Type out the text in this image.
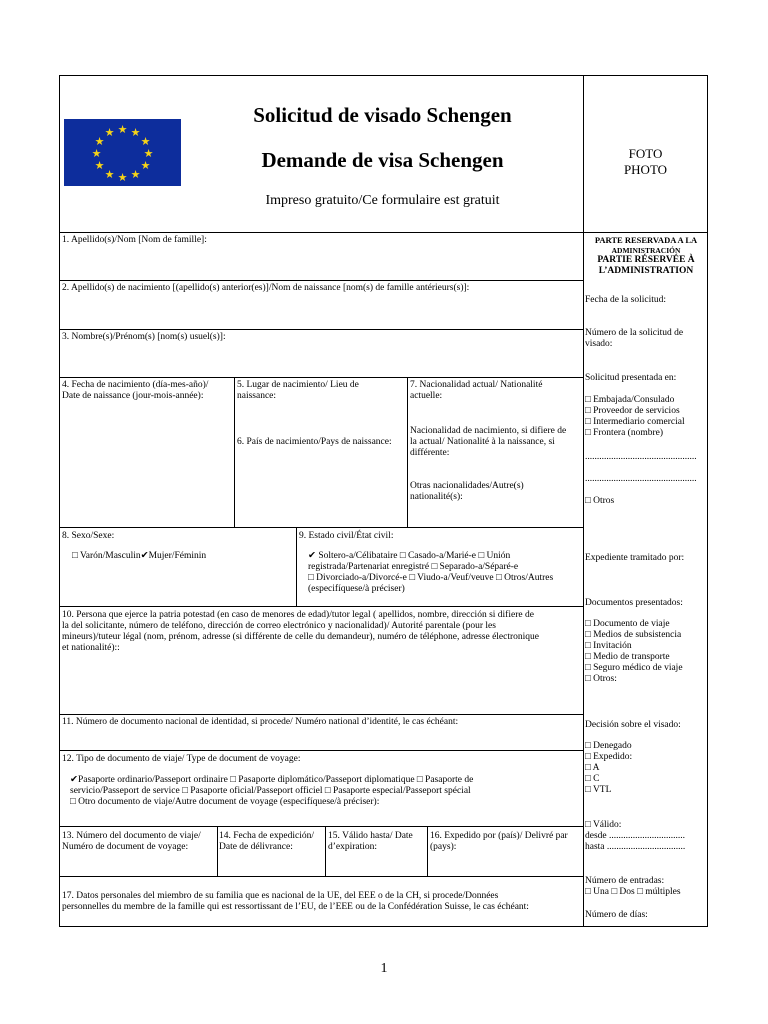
★ ★
★
★
★
★
★
★
★
★
★
★
Solicitud de visado Schengen
Demande de visa Schengen
Impreso gratuito/Ce formulaire est gratuit
FOTO
PHOTO
1. Apellido(s)/Nom [Nom de famille]:
2. Apellido(s) de nacimiento [(apellido(s) anterior(es)]/Nom de naissance [nom(s) de famille antérieurs(s)]:
3. Nombre(s)/Prénom(s) [nom(s) usuel(s)]:
4. Fecha de nacimiento (día-mes-año)/
Date de naissance (jour-mois-année):
5. Lugar de nacimiento/ Lieu de
naissance:
6. País de nacimiento/Pays de naissance:
7. Nacionalidad actual/ Nationalité
actuelle:
Nacionalidad de nacimiento, si difiere de
la actual/ Nationalité à la naissance, si
différente:
Otras nacionalidades/Autre(s)
nationalité(s):
8. Sexo/Sexe:
□ Varón/Masculin✔Mujer/Féminin
9. Estado civil/État civil:
✔ Soltero-a/Célibataire □ Casado-a/Marié-e □ Unión
registrada/Partenariat enregistré □ Separado-a/Séparé-e
□ Divorciado-a/Divorcé-e □ Viudo-a/Veuf/veuve □ Otros/Autres
(especifíquese/à préciser)
10. Persona que ejerce la patria potestad (en caso de menores de edad)/tutor legal ( apellidos, nombre, dirección si difiere de
la del solicitante, número de teléfono, dirección de correo electrónico y nacionalidad)/ Autorité parentale (pour les
mineurs)/tuteur légal (nom, prénom, adresse (si différente de celle du demandeur), numéro de téléphone, adresse électronique
et nationalité)::
11. Número de documento nacional de identidad, si procede/ Numéro national d’identité, le cas échéant:
12. Tipo de documento de viaje/ Type de document de voyage:
✔Pasaporte ordinario/Passeport ordinaire □ Pasaporte diplomático/Passeport diplomatique □ Pasaporte de
servicio/Passeport de service □ Pasaporte oficial/Passeport officiel □ Pasaporte especial/Passeport spécial
□ Otro documento de viaje/Autre document de voyage (especifíquese/à préciser):
13. Número del documento de viaje/
Numéro de document de voyage:
14. Fecha de expedición/
Date de délivrance:
15. Válido hasta/ Date
d’expiration:
16. Expedido por (país)/ Delivré par
(pays):
17. Datos personales del miembro de su familia que es nacional de la UE, del EEE o de la CH, si procede/Données
personnelles du membre de la famille qui est ressortissant de l’EU, de l’EEE ou de la Confédération Suisse, le cas échéant:
PARTE RESERVADA A LA
ADMINISTRACIÓN
PARTIE RÉSERVÉE À
L’ADMINISTRATION
Fecha de la solicitud:
Número de la solicitud de
visado:
Solicitud presentada en:
□ Embajada/Consulado
□ Proveedor de servicios
□ Intermediario comercial
□ Frontera (nombre)
...............................................
...............................................
□ Otros
Expediente tramitado por:
Documentos presentados:
□ Documento de viaje
□ Medios de subsistencia
□ Invitación
□ Medio de transporte
□ Seguro médico de viaje
□ Otros:
Decisión sobre el visado:
□ Denegado
□ Expedido:
□ A
□ C
□ VTL
□ Válido:
desde ................................
hasta .................................
Número de entradas:
□ Una □ Dos □ múltiples
Número de días:
1
